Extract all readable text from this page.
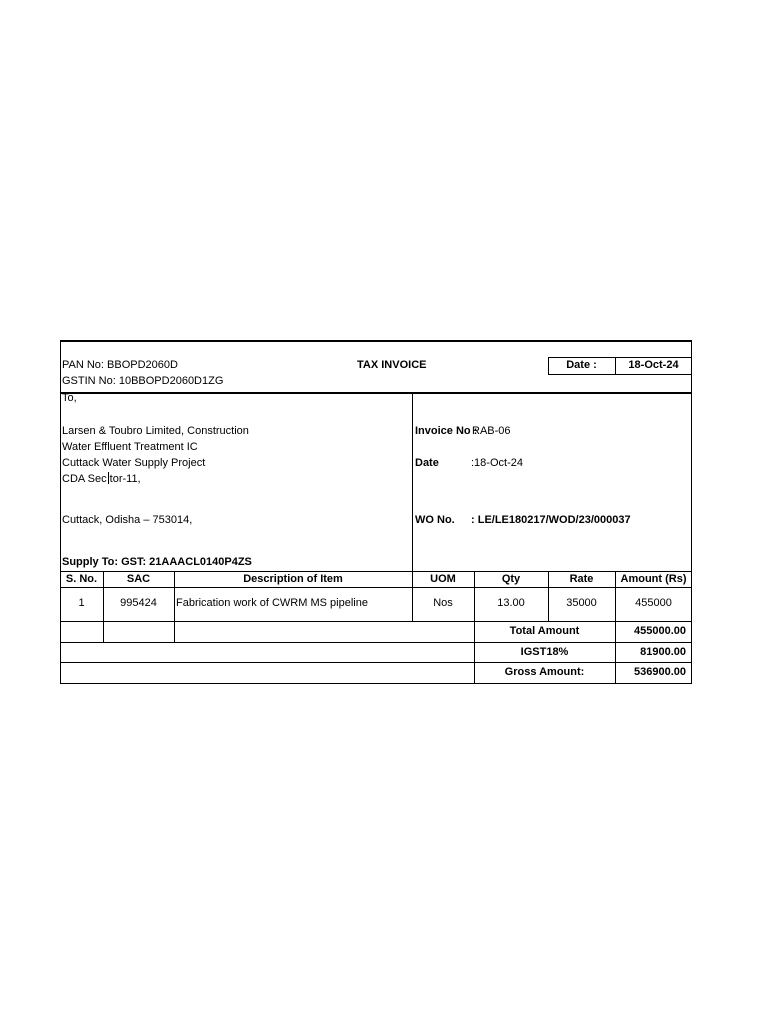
PAN No: BBOPD2060D
GSTIN No: 10BBOPD2060D1ZG
TAX INVOICE	Date :	18-Oct-24
To,
Larsen & Toubro Limited, Construction
Water Effluent Treatment IC
Cuttack Water Supply Project
CDA Sec tor-11,
Cuttack, Odisha – 753014,
Supply To: GST: 21AAACL0140P4ZS
Invoice No :
RAB-06
Date	:18-Oct-24
WO No. : LE/LE180217/WOD/23/000037
S. No.	SAC	Description of Item	UOM	Qty	Rate	Amount (Rs)
1	995424	Fabrication work of CWRM MS pipeline	Nos	13.00	35000	455000
Total Amount	455000.00
IGST18%	81900.00
Gross Amount:	536900.00
